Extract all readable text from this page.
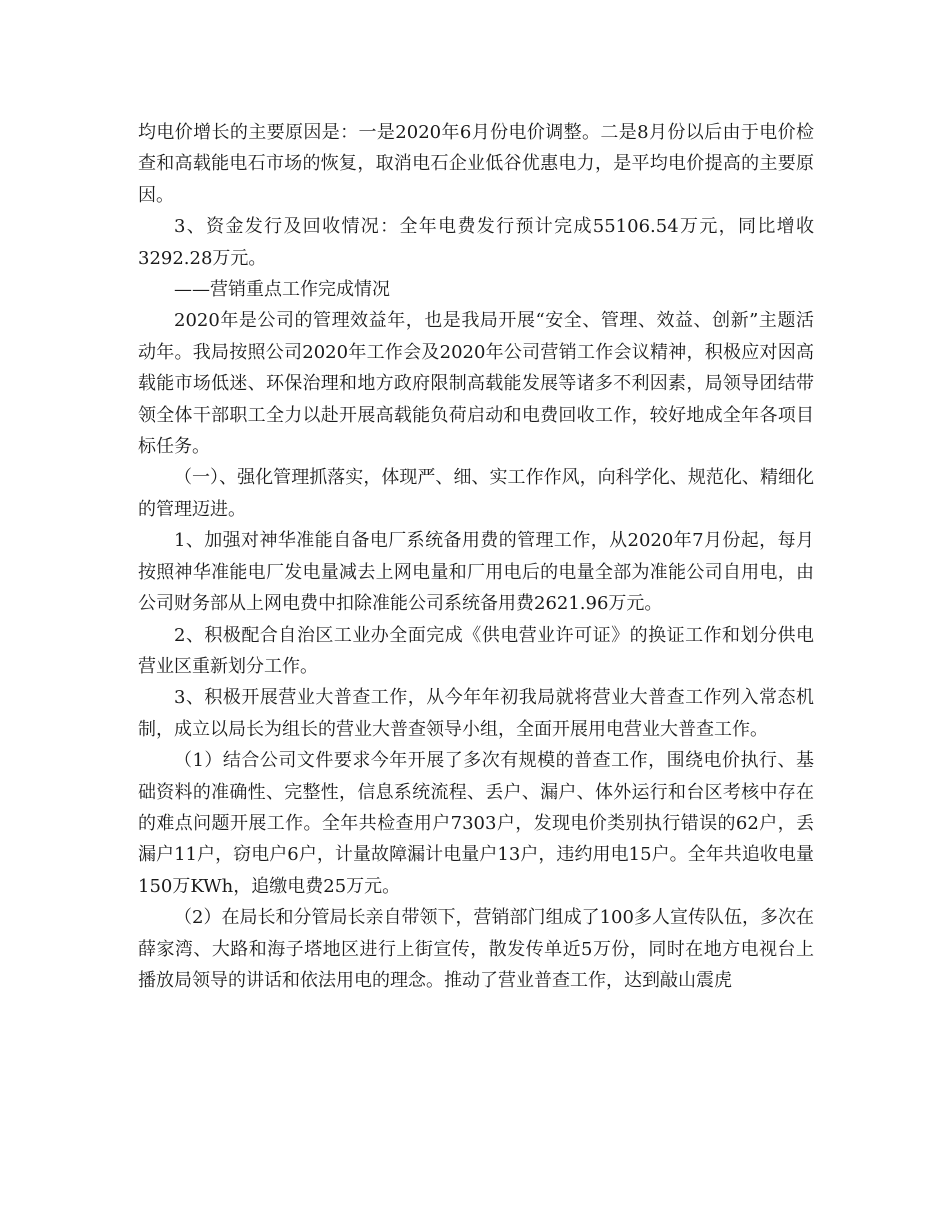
均电价增长的主要原因是：一是2020年6月份电价调整。二是8月份以后由于电价检查和高载能电石市场的恢复，取消电石企业低谷优惠电力，是平均电价提高的主要原因。

3、资金发行及回收情况：全年电费发行预计完成55106.54万元，同比增收3292.28万元。

——营销重点工作完成情况

2020年是公司的管理效益年，也是我局开展“安全、管理、效益、创新”主题活动年。我局按照公司2020年工作会及2020年公司营销工作会议精神，积极应对因高载能市场低迷、环保治理和地方政府限制高载能发展等诸多不利因素，局领导团结带领全体干部职工全力以赴开展高载能负荷启动和电费回收工作，较好地成全年各项目标任务。

（一）、强化管理抓落实，体现严、细、实工作作风，向科学化、规范化、精细化的管理迈进。

1、加强对神华准能自备电厂系统备用费的管理工作，从2020年7月份起，每月按照神华准能电厂发电量减去上网电量和厂用电后的电量全部为准能公司自用电，由公司财务部从上网电费中扣除准能公司系统备用费2621.96万元。

2、积极配合自治区工业办全面完成《供电营业许可证》的换证工作和划分供电营业区重新划分工作。

3、积极开展营业大普查工作，从今年年初我局就将营业大普查工作列入常态机制，成立以局长为组长的营业大普查领导小组，全面开展用电营业大普查工作。

（1）结合公司文件要求今年开展了多次有规模的普查工作，围绕电价执行、基础资料的准确性、完整性，信息系统流程、丢户、漏户、体外运行和台区考核中存在的难点问题开展工作。全年共检查用户7303户，发现电价类别执行错误的62户，丢漏户11户，窃电户6户，计量故障漏计电量户13户，违约用电15户。全年共追收电量150万KWh，追缴电费25万元。

（2）在局长和分管局长亲自带领下，营销部门组成了100多人宣传队伍，多次在薛家湾、大路和海子塔地区进行上街宣传，散发传单近5万份，同时在地方电视台上播放局领导的讲话和依法用电的理念。推动了营业普查工作，达到敲山震虎
